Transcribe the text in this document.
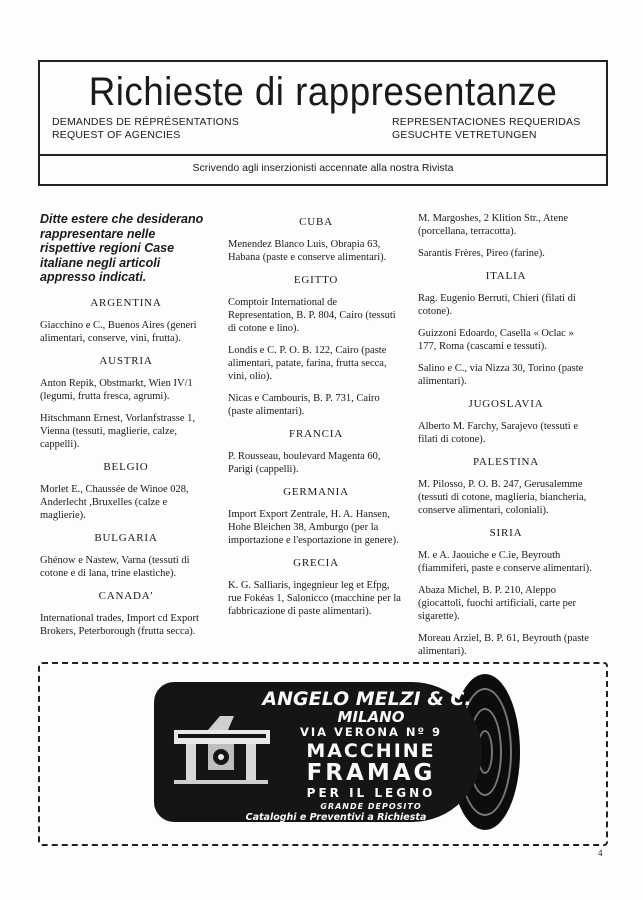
Richieste di rappresentanze
DEMANDES DE RÉPRÉSENTATIONS
REQUEST OF AGENCIES
REPRESENTACIONES REQUERIDAS
GESUCHTE VETRETUNGEN
Scrivendo agli inserzionisti accennate alla nostra Rivista

Ditte estere che desiderano rappresentare nelle rispettive regioni Case italiane negli articoli appresso indicati.

ARGENTINA

Giacchino e C., Buenos Aires (generi alimentari, conserve, vini, frutta).

AUSTRIA

Anton Repik, Obstmarkt, Wien IV/1 (legumi, frutta fresca, agrumi).

Hitschmann Ernest, Vorlanfstrasse 1, Vienna (tessuti, maglierie, calze, cappelli).

BELGIO

Morlet E., Chaussée de Winoe 028, Anderlecht ,Bruxelles (calze e maglierie).

BULGARIA

Ghénow e Nastew, Varna (tessuti di cotone e di lana, trine elastiche).

CANADA'

International trades, Import cd Export Brokers, Peterborough (frutta secca).

CUBA

Menendez Blanco Luis, Obrapia 63, Habana (paste e conserve alimentari).

EGITTO

Comptoir International de Representation, B. P. 804, Cairo (tessuti di cotone e lino).

Londis e C. P. O. B. 122, Cairo (paste alimentari, patate, farina, frutta secca, vini, olio).

Nicas e Cambouris, B. P. 731, Cairo (paste alimentari).

FRANCIA

P. Rousseau, boulevard Magenta 60, Parigi (cappelli).

GERMANIA

Import Export Zentrale, H. A. Hansen, Hohe Bleichen 38, Amburgo (per la importazione e l'esportazione in genere).

GRECIA

K. G. Salliaris, ingegnieur leg et Efpg, rue Fokéas 1, Salonicco (macchine per la fabbricazione di paste alimentari).

M. Margoshes, 2 Klition Str., Atene (porcellana, terracotta).

Sarantis Frères, Pireo (farine).

ITALIA

Rag. Eugenio Berruti, Chieri (filati di cotone).

Guizzoni Edoardo, Casella « Oclac » 177, Roma (cascami e tessuti).

Salino e C., via Nizza 30, Torino (paste alimentari).

JUGOSLAVIA

Alberto M. Farchy, Sarajevo (tessuti e filati di cotone).

PALESTINA

M. Pilosso, P. O. B. 247, Gerusalemme (tessuti di cotone, maglieria, biancheria, conserve alimentari, coloniali).

SIRIA

M. e A. Jaouiche e C.ie, Beyrouth (fiammiferi, paste e conserve alimentari).

Abaza Michel, B. P. 210, Aleppo (giocattoli, fuochi artificiali, carte per sigarette).

Moreau Arziel, B. P. 61, Beyrouth (paste alimentari).

ANGELO MELZI & C.
MILANO
VIA VERONA Nº 9
MACCHINE
FRAMAG
PER IL LEGNO
GRANDE DEPOSITO
Cataloghi e Preventivi a Richiesta
4
